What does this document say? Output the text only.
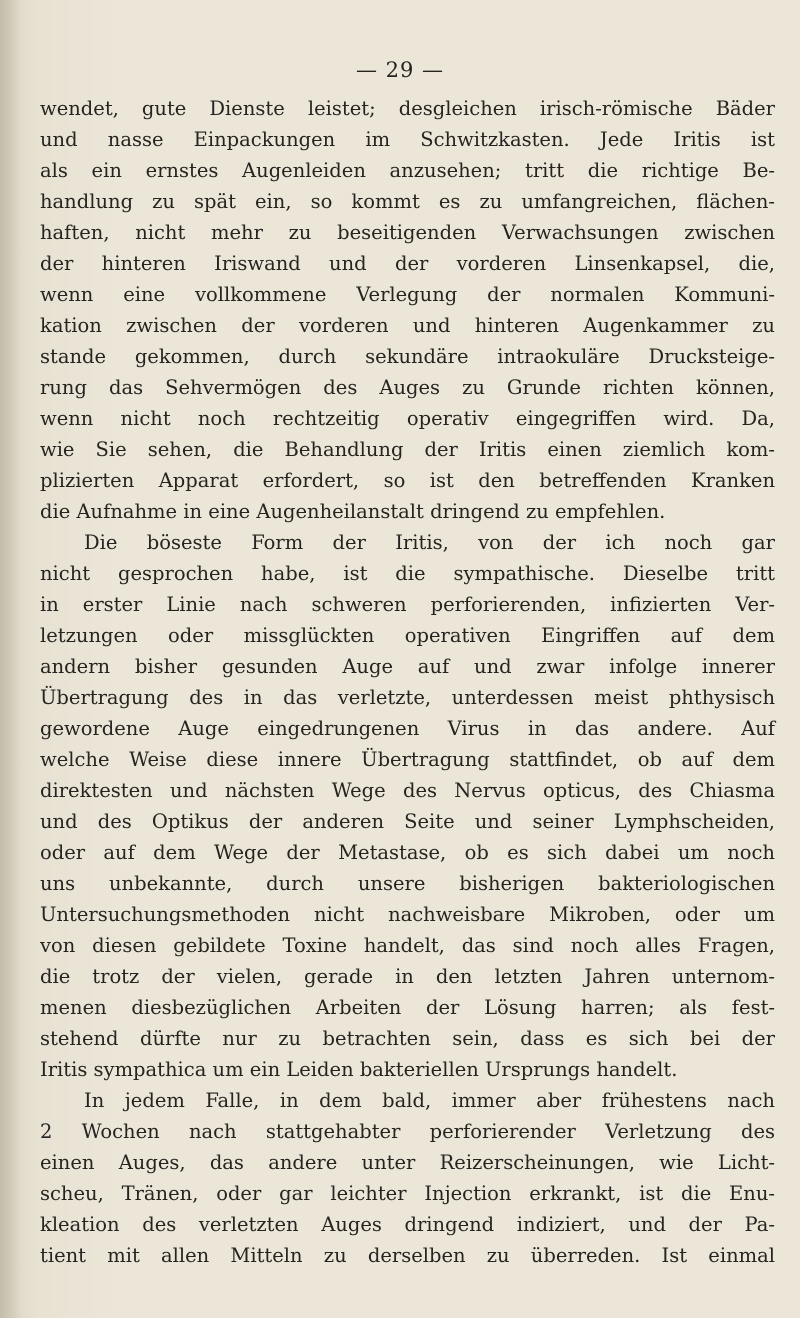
— 29 —
wendet, gute Dienste leistet; desgleichen irisch-römische Bäder
und nasse Einpackungen im Schwitzkasten. Jede Iritis ist
als ein ernstes Augenleiden anzusehen; tritt die richtige Be-
handlung zu spät ein, so kommt es zu umfangreichen, flächen-
haften, nicht mehr zu beseitigenden Verwachsungen zwischen
der hinteren Iriswand und der vorderen Linsenkapsel, die,
wenn eine vollkommene Verlegung der normalen Kommuni-
kation zwischen der vorderen und hinteren Augenkammer zu
stande gekommen, durch sekundäre intraokuläre Drucksteige-
rung das Sehvermögen des Auges zu Grunde richten können,
wenn nicht noch rechtzeitig operativ eingegriffen wird. Da,
wie Sie sehen, die Behandlung der Iritis einen ziemlich kom-
plizierten Apparat erfordert, so ist den betreffenden Kranken
die Aufnahme in eine Augenheilanstalt dringend zu empfehlen.
Die böseste Form der Iritis, von der ich noch gar
nicht gesprochen habe, ist die sympathische. Dieselbe tritt
in erster Linie nach schweren perforierenden, infizierten Ver-
letzungen oder missglückten operativen Eingriffen auf dem
andern bisher gesunden Auge auf und zwar infolge innerer
Übertragung des in das verletzte, unterdessen meist phthysisch
gewordene Auge eingedrungenen Virus in das andere. Auf
welche Weise diese innere Übertragung stattfindet, ob auf dem
direktesten und nächsten Wege des Nervus opticus, des Chiasma
und des Optikus der anderen Seite und seiner Lymphscheiden,
oder auf dem Wege der Metastase, ob es sich dabei um noch
uns unbekannte, durch unsere bisherigen bakteriologischen
Untersuchungsmethoden nicht nachweisbare Mikroben, oder um
von diesen gebildete Toxine handelt, das sind noch alles Fragen,
die trotz der vielen, gerade in den letzten Jahren unternom-
menen diesbezüglichen Arbeiten der Lösung harren; als fest-
stehend dürfte nur zu betrachten sein, dass es sich bei der
Iritis sympathica um ein Leiden bakteriellen Ursprungs handelt.
In jedem Falle, in dem bald, immer aber frühestens nach
2 Wochen nach stattgehabter perforierender Verletzung des
einen Auges, das andere unter Reizerscheinungen, wie Licht-
scheu, Tränen, oder gar leichter Injection erkrankt, ist die Enu-
kleation des verletzten Auges dringend indiziert, und der Pa-
tient mit allen Mitteln zu derselben zu überreden. Ist einmal
